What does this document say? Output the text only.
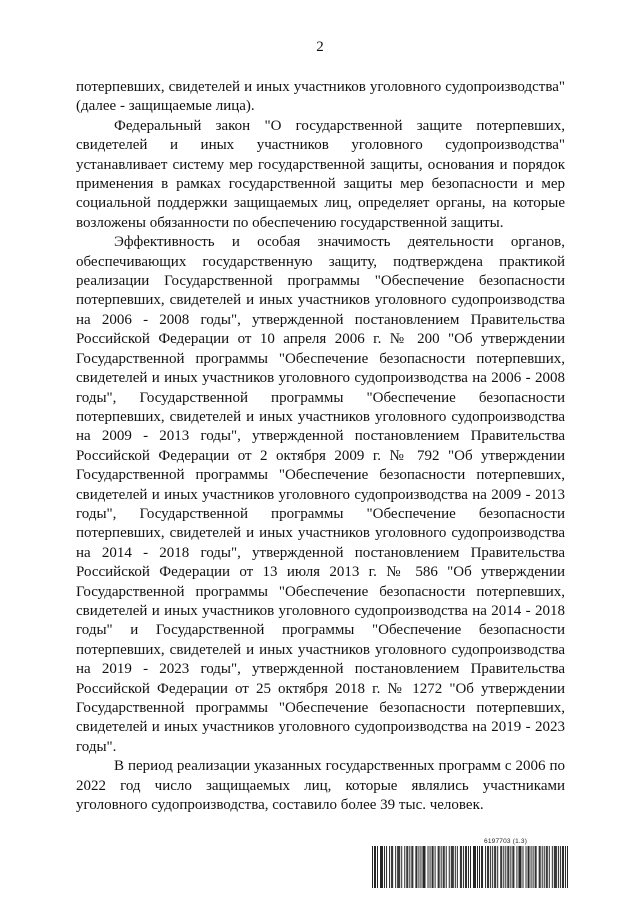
2

потерпевших, свидетелей и иных участников уголовного судопроизводства" (далее - защищаемые лица).

Федеральный закон "О государственной защите потерпевших, свидетелей и иных участников уголовного судопроизводства" устанавливает систему мер государственной защиты, основания и порядок применения в рамках государственной защиты мер безопасности и мер социальной поддержки защищаемых лиц, определяет органы, на которые возложены обязанности по обеспечению государственной защиты.

Эффективность и особая значимость деятельности органов, обеспечивающих государственную защиту, подтверждена практикой реализации Государственной программы "Обеспечение безопасности потерпевших, свидетелей и иных участников уголовного судопроизводства на 2006 - 2008 годы", утвержденной постановлением Правительства Российской Федерации от 10 апреля 2006 г. № 200 "Об утверждении Государственной программы "Обеспечение безопасности потерпевших, свидетелей и иных участников уголовного судопроизводства на 2006 - 2008 годы", Государственной программы "Обеспечение безопасности потерпевших, свидетелей и иных участников уголовного судопроизводства на 2009 - 2013 годы", утвержденной постановлением Правительства Российской Федерации от 2 октября 2009 г. № 792 "Об утверждении Государственной программы "Обеспечение безопасности потерпевших, свидетелей и иных участников уголовного судопроизводства на 2009 - 2013 годы", Государственной программы "Обеспечение безопасности потерпевших, свидетелей и иных участников уголовного судопроизводства на 2014 - 2018 годы", утвержденной постановлением Правительства Российской Федерации от 13 июля 2013 г. № 586 "Об утверждении Государственной программы "Обеспечение безопасности потерпевших, свидетелей и иных участников уголовного судопроизводства на 2014 - 2018 годы" и Государственной программы "Обеспечение безопасности потерпевших, свидетелей и иных участников уголовного судопроизводства на 2019 - 2023 годы", утвержденной постановлением Правительства Российской Федерации от 25 октября 2018 г. № 1272 "Об утверждении Государственной программы "Обеспечение безопасности потерпевших, свидетелей и иных участников уголовного судопроизводства на 2019 - 2023 годы".

В период реализации указанных государственных программ с 2006 по 2022 год число защищаемых лиц, которые являлись участниками уголовного судопроизводства, составило более 39 тыс. человек.

6197703 (1.3)
